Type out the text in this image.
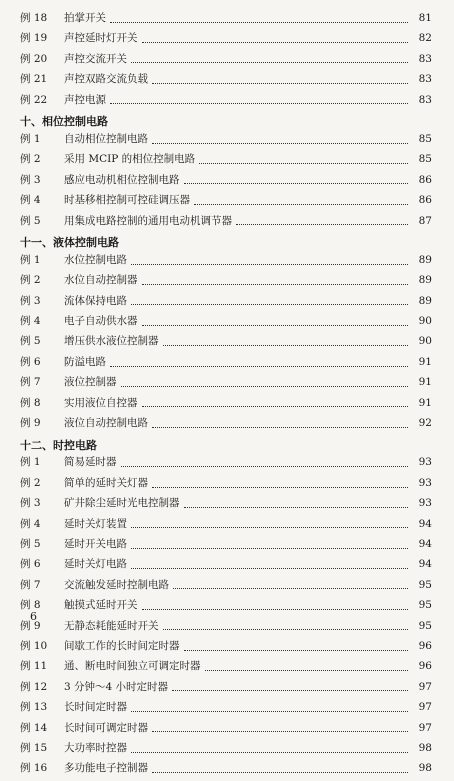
例 18	拍掌开关	81
例 19	声控延时灯开关	82
例 20	声控交流开关	83
例 21	声控双路交流负载	83
例 22	声控电源	83
十、相位控制电路
例 1	自动相位控制电路	85
例 2	采用 MCIP 的相位控制电路	85
例 3	感应电动机相位控制电路	86
例 4	时基移相控制可控硅调压器	86
例 5	用集成电路控制的通用电动机调节器	87
十一、液体控制电路
例 1	水位控制电路	89
例 2	水位自动控制器	89
例 3	流体保持电路	89
例 4	电子自动供水器	90
例 5	增压供水液位控制器	90
例 6	防溢电路	91
例 7	液位控制器	91
例 8	实用液位自控器	91
例 9	液位自动控制电路	92
十二、时控电路
例 1	简易延时器	93
例 2	简单的延时关灯器	93
例 3	矿井除尘延时光电控制器	93
例 4	延时关灯装置	94
例 5	延时开关电路	94
例 6	延时关灯电路	94
例 7	交流触发延时控制电路	95
例 8	触摸式延时开关	95
例 9	无静态耗能延时开关	95
例 10	间歇工作的长时间定时器	96
例 11	通、断电时间独立可调定时器	96
例 12	3 分钟～4 小时定时器	97
例 13	长时间定时器	97
例 14	长时间可调定时器	97
例 15	大功率时控器	98
例 16	多功能电子控制器	98
6
